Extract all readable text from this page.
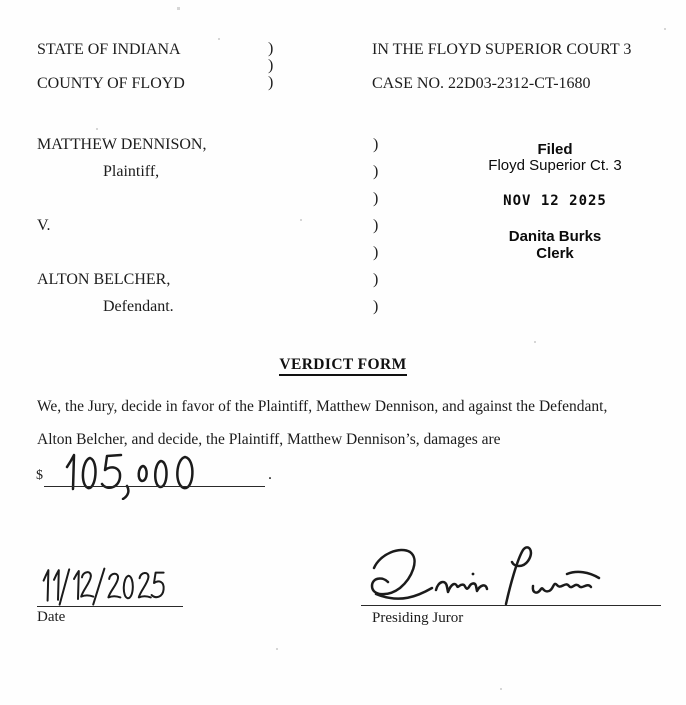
STATE OF INDIANA
COUNTY OF FLOYD
)
)
)
IN THE FLOYD SUPERIOR COURT 3
CASE NO. 22D03-2312-CT-1680
MATTHEW DENNISON,
Plaintiff,

V.

ALTON BELCHER,
Defendant.
)
)
)
)
)
)
)
Filed
Floyd Superior Ct. 3
NOV 12 2025
Danita Burks
Clerk
VERDICT FORM
We, the Jury, decide in favor of the Plaintiff, Matthew Dennison, and against the Defendant,
Alton Belcher, and decide, the Plaintiff, Matthew Dennison’s, damages are
$	.
Date	Presiding Juror
